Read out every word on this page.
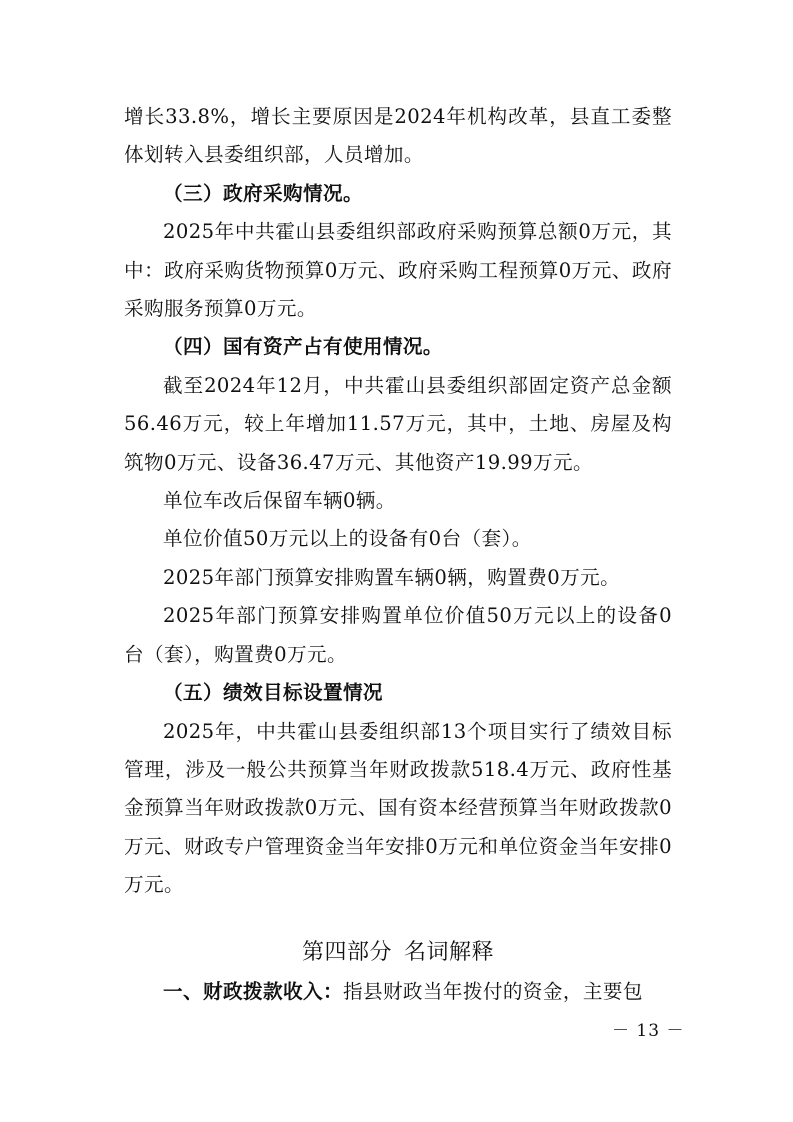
增长33.8%，增长主要原因是2024年机构改革，县直工委整体划转入县委组织部，人员增加。

（三）政府采购情况。

2025年中共霍山县委组织部政府采购预算总额0万元，其中：政府采购货物预算0万元、政府采购工程预算0万元、政府采购服务预算0万元。

（四）国有资产占有使用情况。

截至2024年12月，中共霍山县委组织部固定资产总金额56.46万元，较上年增加11.57万元，其中，土地、房屋及构筑物0万元、设备36.47万元、其他资产19.99万元。

单位车改后保留车辆0辆。

单位价值50万元以上的设备有0台（套）。

2025年部门预算安排购置车辆0辆，购置费0万元。

2025年部门预算安排购置单位价值50万元以上的设备0台（套），购置费0万元。

（五）绩效目标设置情况

2025年，中共霍山县委组织部13个项目实行了绩效目标管理，涉及一般公共预算当年财政拨款518.4万元、政府性基金预算当年财政拨款0万元、国有资本经营预算当年财政拨款0万元、财政专户管理资金当年安排0万元和单位资金当年安排0万元。

第四部分 名词解释

一、财政拨款收入：指县财政当年拨付的资金，主要包

－ 13 －
